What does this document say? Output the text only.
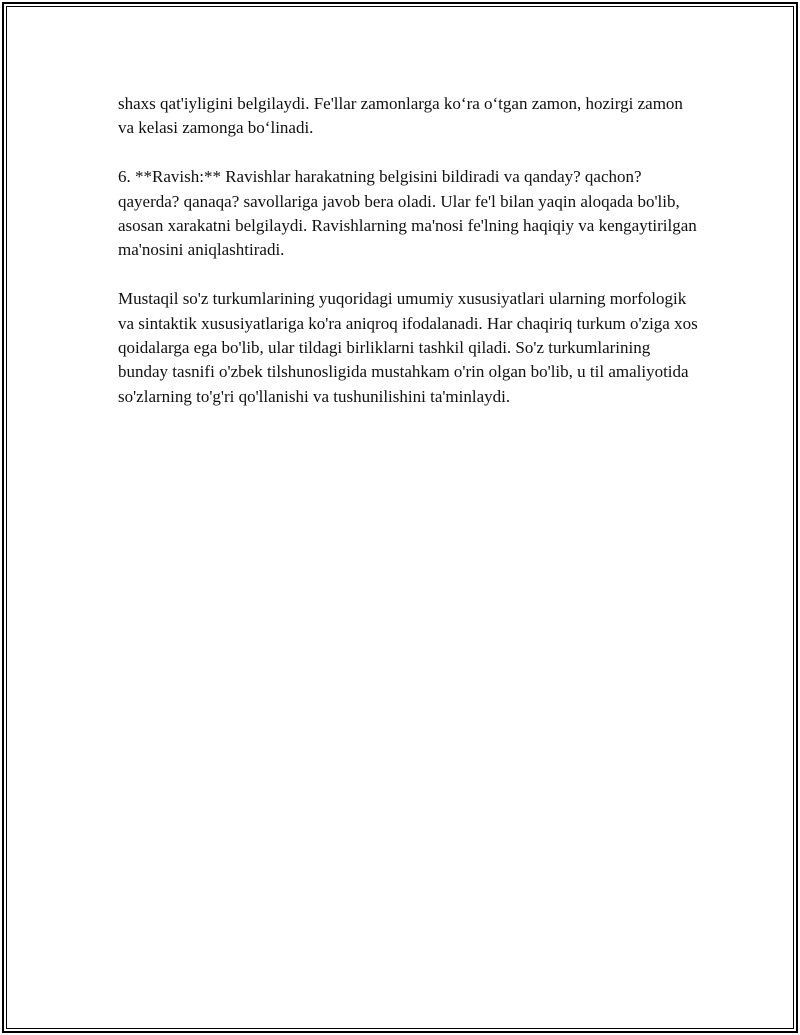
shaxs qat'iyligini belgilaydi. Fe'llar zamonlarga ko‘ra o‘tgan zamon, hozirgi zamon va kelasi zamonga bo‘linadi.

6. **Ravish:** Ravishlar harakatning belgisini bildiradi va qanday? qachon? qayerda? qanaqa? savollariga javob bera oladi. Ular fe'l bilan yaqin aloqada bo'lib, asosan xarakatni belgilaydi. Ravishlarning ma'nosi fe'lning haqiqiy va kengaytirilgan ma'nosini aniqlashtiradi.

Mustaqil so'z turkumlarining yuqoridagi umumiy xususiyatlari ularning morfologik va sintaktik xususiyatlariga ko'ra aniqroq ifodalanadi. Har chaqiriq turkum o'ziga xos qoidalarga ega bo'lib, ular tildagi birliklarni tashkil qiladi. So'z turkumlarining bunday tasnifi o'zbek tilshunosligida mustahkam o'rin olgan bo'lib, u til amaliyotida so'zlarning to'g'ri qo'llanishi va tushunilishini ta'minlaydi.
